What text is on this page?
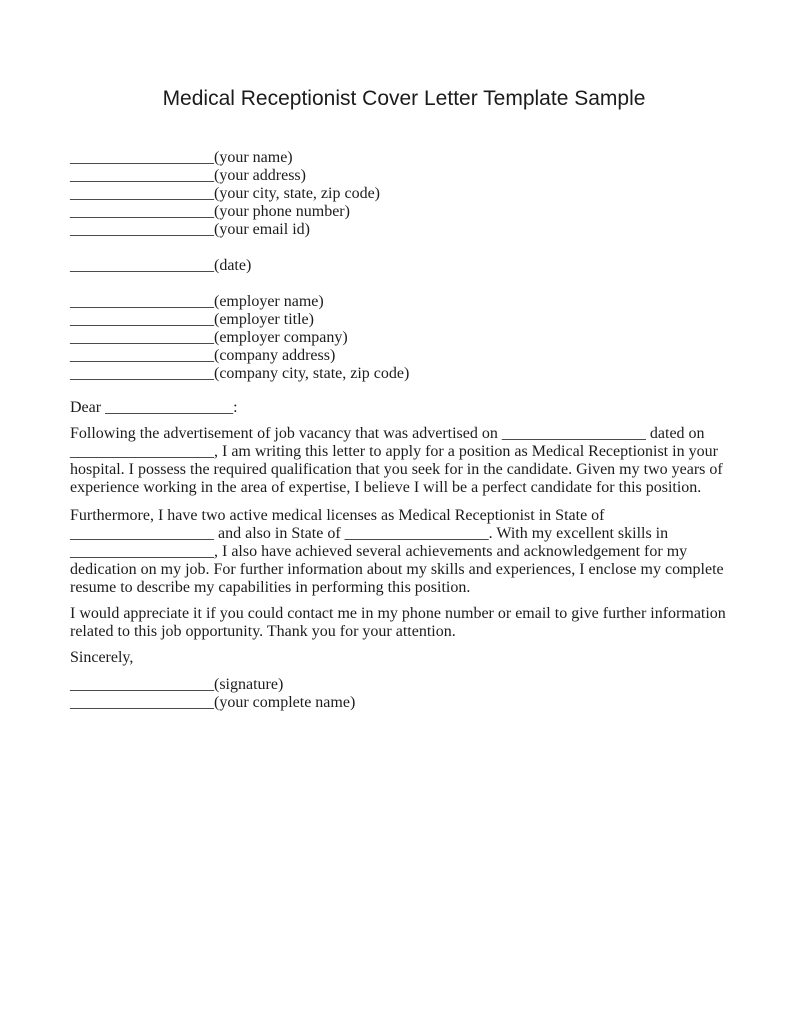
Medical Receptionist Cover Letter Template Sample
__________________(your name)
__________________(your address)
__________________(your city, state, zip code)
__________________(your phone number)
__________________(your email id)
__________________(date)
__________________(employer name)
__________________(employer title)
__________________(employer company)
__________________(company address)
__________________(company city, state, zip code)

Dear ________________:

Following the advertisement of job vacancy that was advertised on __________________ dated on __________________, I am writing this letter to apply for a position as Medical Receptionist in your hospital. I possess the required qualification that you seek for in the candidate. Given my two years of experience working in the area of expertise, I believe I will be a perfect candidate for this position.

Furthermore, I have two active medical licenses as Medical Receptionist in State of __________________ and also in State of __________________. With my excellent skills in __________________, I also have achieved several achievements and acknowledgement for my dedication on my job. For further information about my skills and experiences, I enclose my complete resume to describe my capabilities in performing this position.

I would appreciate it if you could contact me in my phone number or email to give further information related to this job opportunity. Thank you for your attention.

Sincerely,

__________________(signature)
__________________(your complete name)
